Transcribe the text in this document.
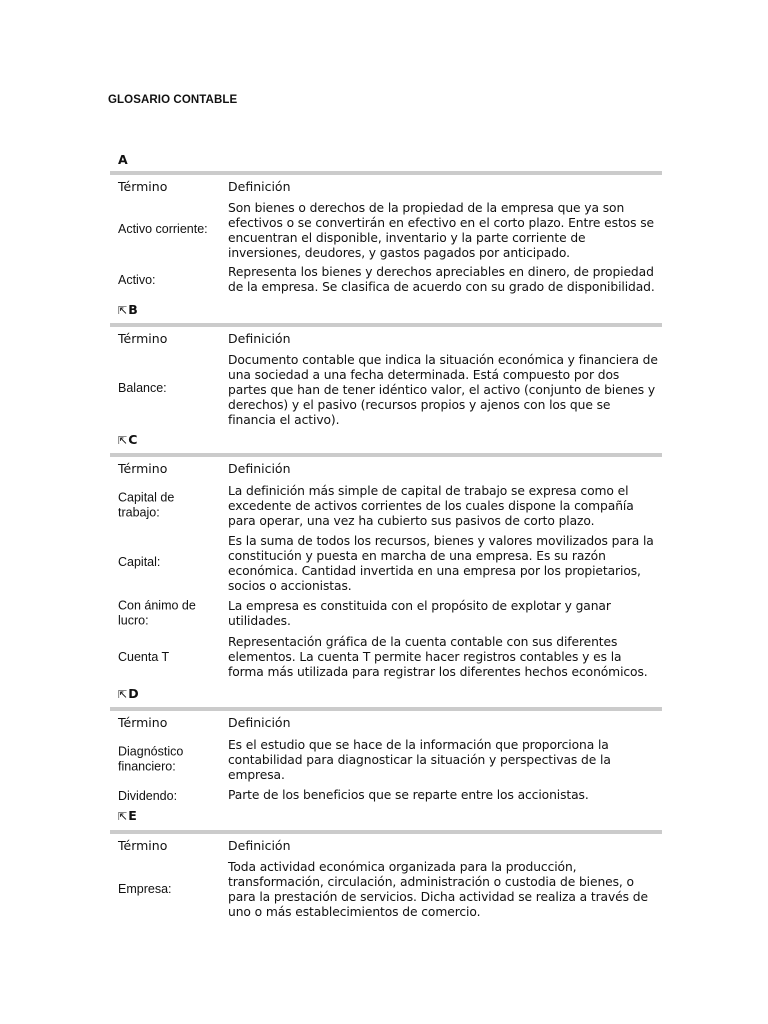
GLOSARIO CONTABLE
A
Término	Definición
Activo corriente:
Son bienes o derechos de la propiedad de la empresa que ya son efectivos o se convertirán en efectivo en el corto plazo. Entre estos se encuentran el disponible, inventario y la parte corriente de inversiones, deudores, y gastos pagados por anticipado.
Activo:
Representa los bienes y derechos apreciables en dinero, de propiedad de la empresa. Se clasifica de acuerdo con su grado de disponibilidad.
⇱B
Término	Definición
Balance:
Documento contable que indica la situación económica y financiera de una sociedad a una fecha determinada. Está compuesto por dos partes que han de tener idéntico valor, el activo (conjunto de bienes y derechos) y el pasivo (recursos propios y ajenos con los que se financia el activo).
⇱C
Término	Definición
Capital de trabajo:
La definición más simple de capital de trabajo se expresa como el excedente de activos corrientes de los cuales dispone la compañía para operar, una vez ha cubierto sus pasivos de corto plazo.
Capital:
Es la suma de todos los recursos, bienes y valores movilizados para la constitución y puesta en marcha de una empresa. Es su razón económica. Cantidad invertida en una empresa por los propietarios, socios o accionistas.
Con ánimo de lucro:
La empresa es constituida con el propósito de explotar y ganar utilidades.
Cuenta T
Representación gráfica de la cuenta contable con sus diferentes elementos. La cuenta T permite hacer registros contables y es la forma más utilizada para registrar los diferentes hechos económicos.
⇱D
Término	Definición
Diagnóstico financiero:
Es el estudio que se hace de la información que proporciona la contabilidad para diagnosticar la situación y perspectivas de la empresa.
Dividendo:	Parte de los beneficios que se reparte entre los accionistas.
⇱E
Término	Definición
Empresa:
Toda actividad económica organizada para la producción, transformación, circulación, administración o custodia de bienes, o para la prestación de servicios. Dicha actividad se realiza a través de uno o más establecimientos de comercio.
